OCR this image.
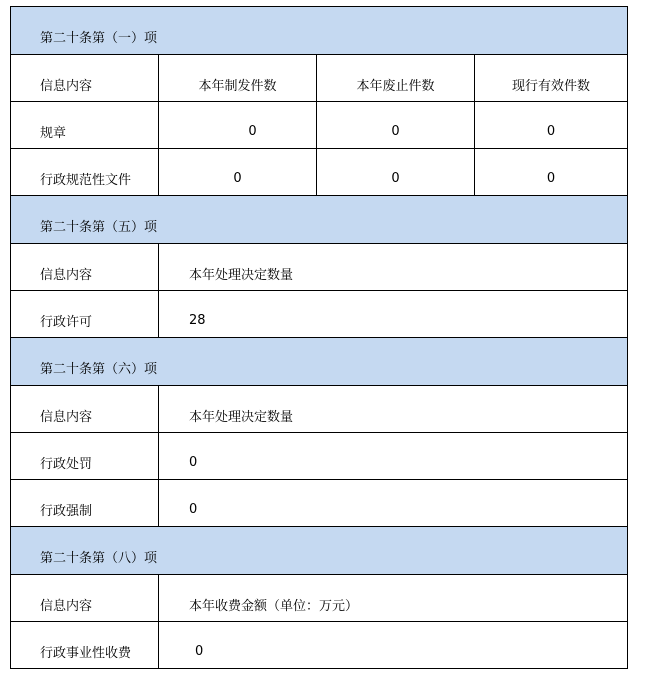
第二十条第（一）项			
信息内容	本年制发件数	本年废止件数	现行有效件数
规章	0	0	0
行政规范性文件	0	0	0
第二十条第（五）项			
信息内容	本年处理决定数量		
行政许可	28		
第二十条第（六）项			
信息内容	本年处理决定数量		
行政处罚	0		
行政强制	0		
第二十条第（八）项			
信息内容	本年收费金额（单位：万元）		
行政事业性收费	0		
